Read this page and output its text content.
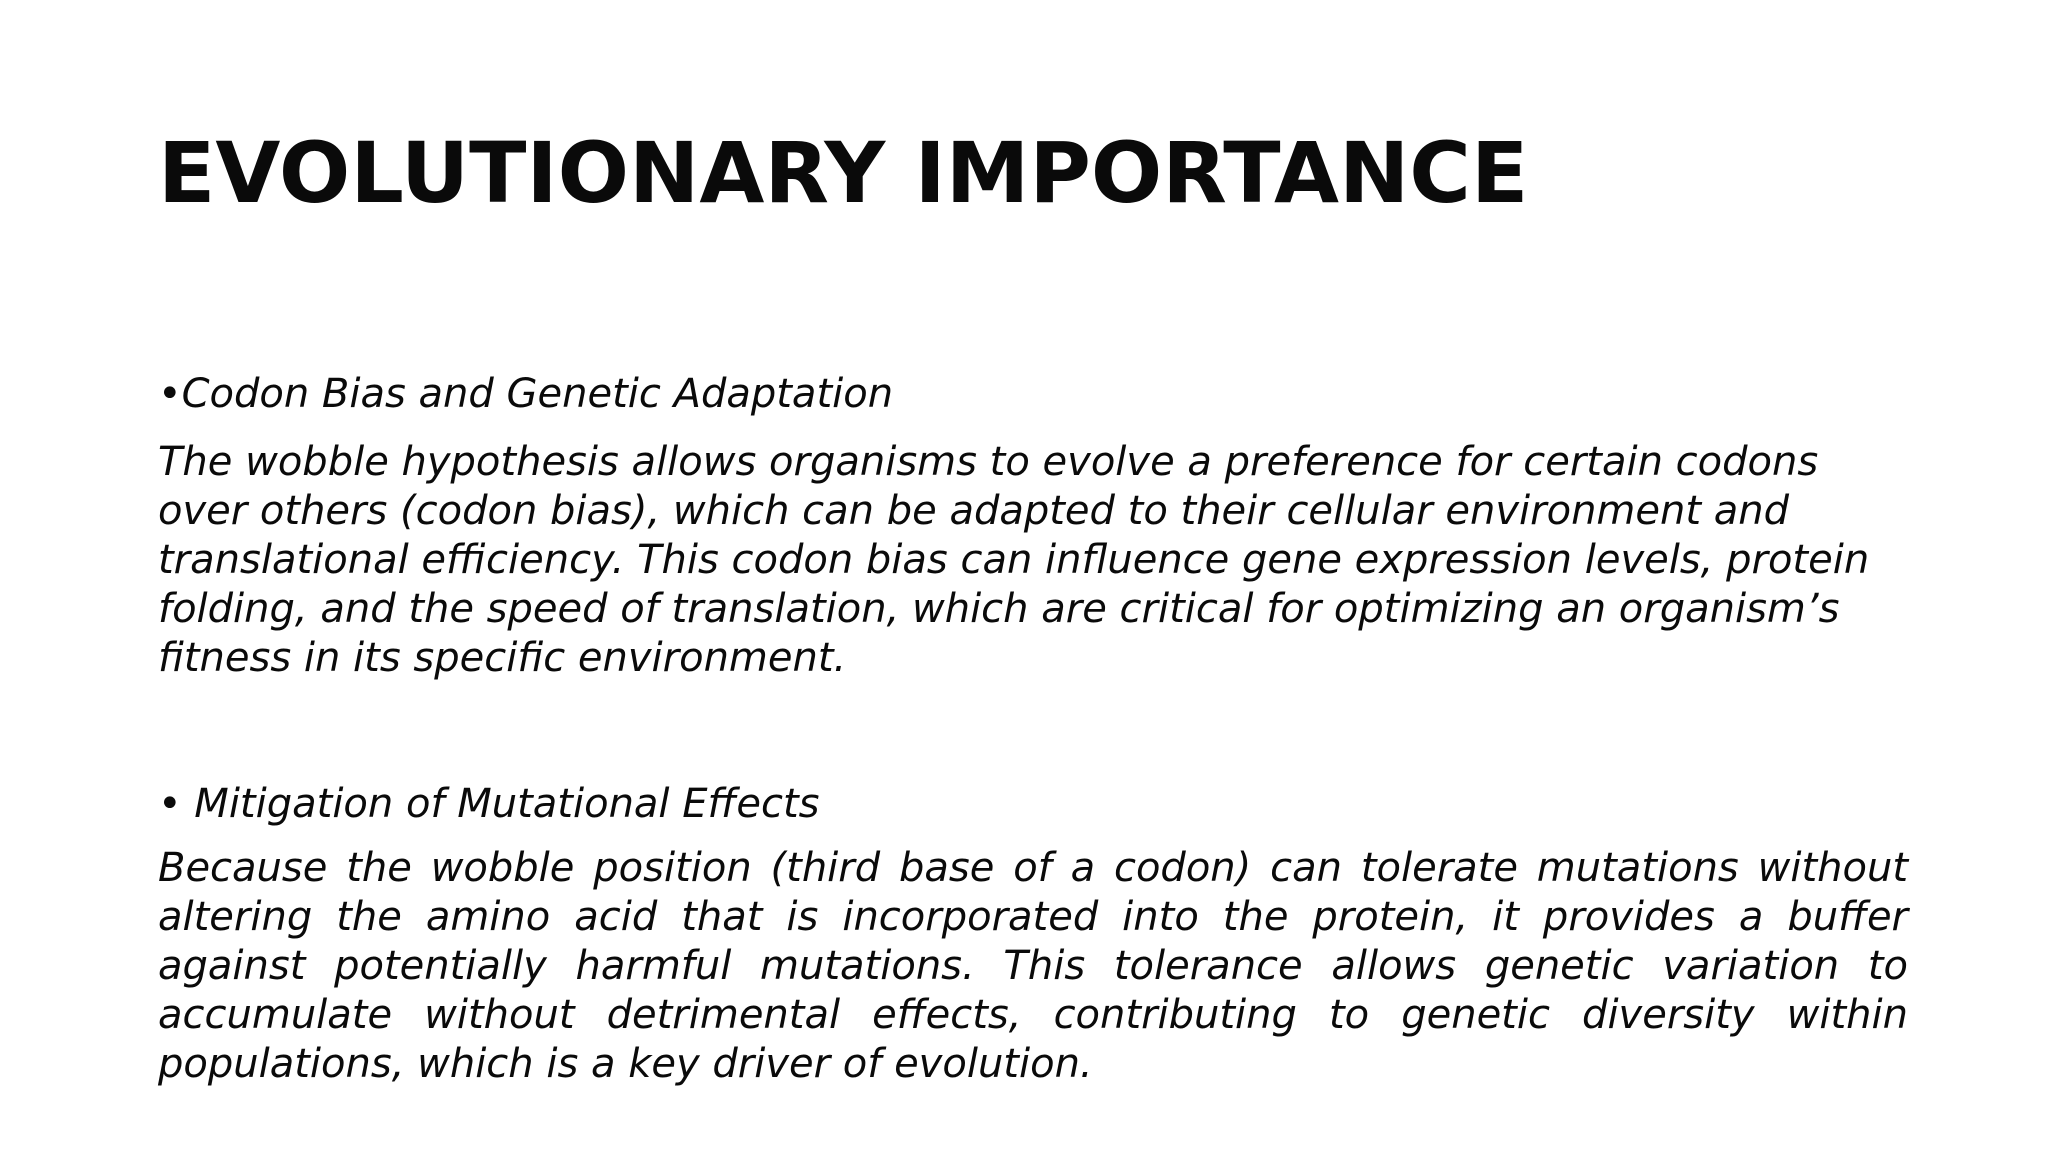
EVOLUTIONARY IMPORTANCE

•Codon Bias and Genetic Adaptation

The wobble hypothesis allows organisms to evolve a preference for certain codons over others (codon bias), which can be adapted to their cellular environment and translational efficiency. This codon bias can influence gene expression levels, protein folding, and the speed of translation, which are critical for optimizing an organism’s fitness in its specific environment.

• Mitigation of Mutational Effects

Because the wobble position (third base of a codon) can tolerate mutations without altering the amino acid that is incorporated into the protein, it provides a buffer against potentially harmful mutations. This tolerance allows genetic variation to accumulate without detrimental effects, contributing to genetic diversity within populations, which is a key driver of evolution.
